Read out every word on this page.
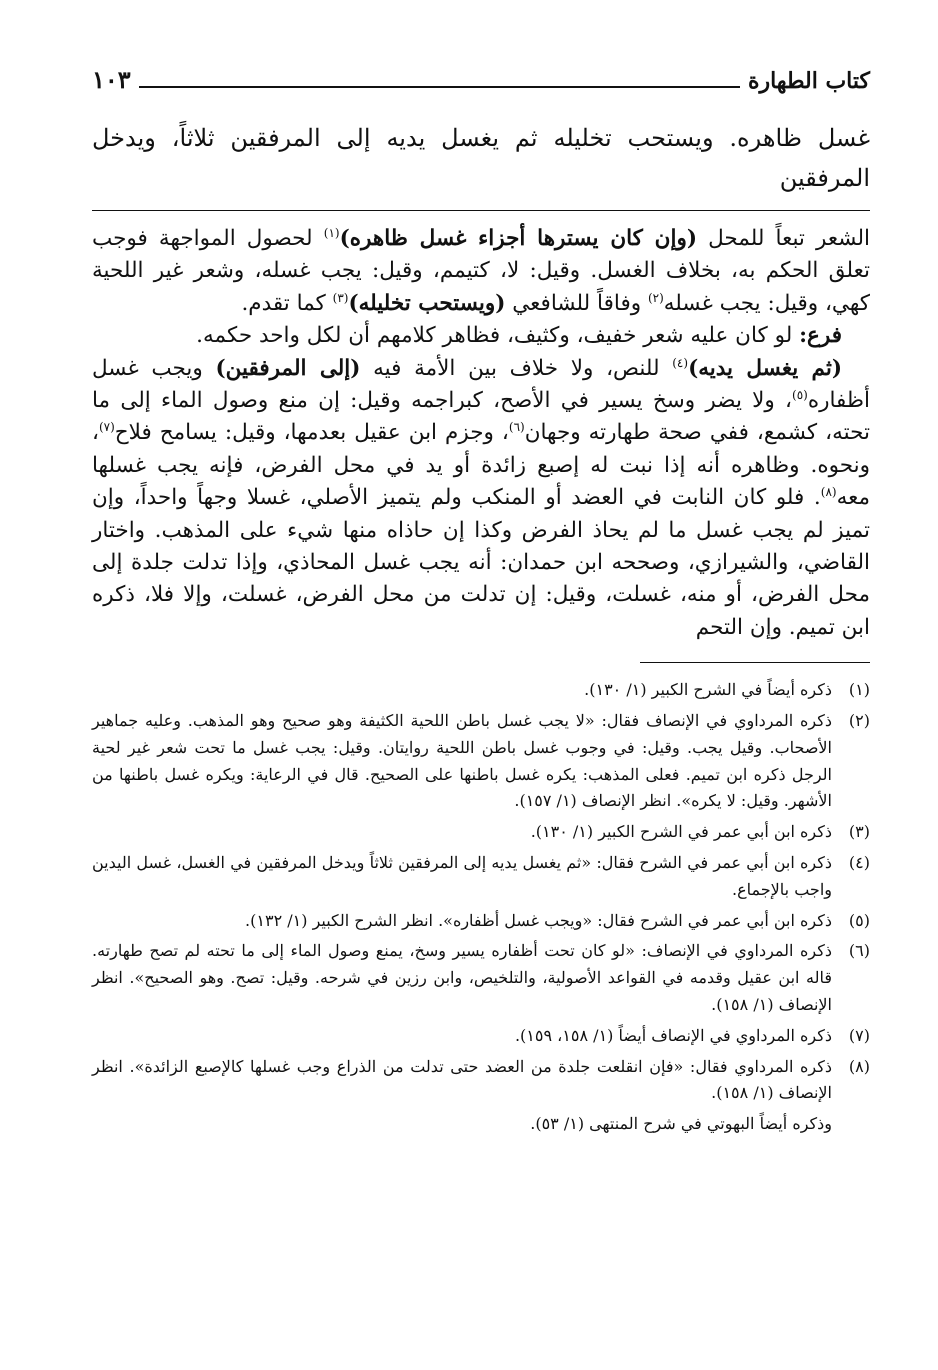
كتاب الطهارة
١٠٣
غسل ظاهره. ويستحب تخليله ثم يغسل يديه إلى المرفقين ثلاثاً، ويدخل المرفقين

الشعر تبعاً للمحل (وإن كان يسترها أجزاء غسل ظاهره)$^{(١)}$ لحصول المواجهة فوجب تعلق الحكم به، بخلاف الغسل. وقيل: لا، كتيمم، وقيل: يجب غسله، وشعر غير اللحية كهي، وقيل: يجب غسله$^{(٢)}$ وفاقاً للشافعي (ويستحب تخليله)$^{(٣)}$ كما تقدم.

فرع: لو كان عليه شعر خفيف، وكثيف، فظاهر كلامهم أن لكل واحد حكمه.

(ثم يغسل يديه)$^{(٤)}$ للنص، ولا خلاف بين الأمة فيه (إلى المرفقين) ويجب غسل أظفاره$^{(٥)}$، ولا يضر وسخ يسير في الأصح، كبراجمه وقيل: إن منع وصول الماء إلى ما تحته، كشمع، ففي صحة طهارته وجهان$^{(٦)}$، وجزم ابن عقيل بعدمها، وقيل: يسامح فلاح$^{(٧)}$، ونحوه. وظاهره أنه إذا نبت له إصبع زائدة أو يد في محل الفرض، فإنه يجب غسلها معه$^{(٨)}$. فلو كان النابت في العضد أو المنكب ولم يتميز الأصلي، غسلا وجهاً واحداً، وإن تميز لم يجب غسل ما لم يحاذ الفرض وكذا إن حاذاه منها شيء على المذهب. واختار القاضي، والشيرازي، وصححه ابن حمدان: أنه يجب غسل المحاذي، وإذا تدلت جلدة إلى محل الفرض، أو منه، غسلت، وقيل: إن تدلت من محل الفرض، غسلت، وإلا فلا، ذكره ابن تميم. وإن التحم

(١)
ذكره أيضاً في الشرح الكبير (١/ ١٣٠).
(٢)
ذكره المرداوي في الإنصاف فقال: «لا يجب غسل باطن اللحية الكثيفة وهو صحيح وهو المذهب. وعليه جماهير الأصحاب. وقيل يجب. وقيل: في وجوب غسل باطن اللحية روايتان. وقيل: يجب غسل ما تحت شعر غير لحية الرجل ذكره ابن تميم. فعلى المذهب: يكره غسل باطنها على الصحيح. قال في الرعاية: ويكره غسل باطنها من الأشهر. وقيل: لا يكره». انظر الإنصاف (١/ ١٥٧).
(٣)
ذكره ابن أبي عمر في الشرح الكبير (١/ ١٣٠).
(٤)
ذكره ابن أبي عمر في الشرح فقال: «ثم يغسل يديه إلى المرفقين ثلاثاً ويدخل المرفقين في الغسل، غسل اليدين واجب بالإجماع.
(٥)
ذكره ابن أبي عمر في الشرح فقال: «ويجب غسل أظفاره». انظر الشرح الكبير (١/ ١٣٢).
(٦)
ذكره المرداوي في الإنصاف: «لو كان تحت أظفاره يسير وسخ، يمنع وصول الماء إلى ما تحته لم تصح طهارته. قاله ابن عقيل وقدمه في القواعد الأصولية، والتلخيص، وابن رزين في شرحه. وقيل: تصح. وهو الصحيح». انظر الإنصاف (١/ ١٥٨).
(٧)
ذكره المرداوي في الإنصاف أيضاً (١/ ١٥٨، ١٥٩).
(٨)
ذكره المرداوي فقال: «فإن انقلعت جلدة من العضد حتى تدلت من الذراع وجب غسلها كالإصبع الزائدة». انظر الإنصاف (١/ ١٥٨).
وذكره أيضاً البهوتي في شرح المنتهى (١/ ٥٣).
